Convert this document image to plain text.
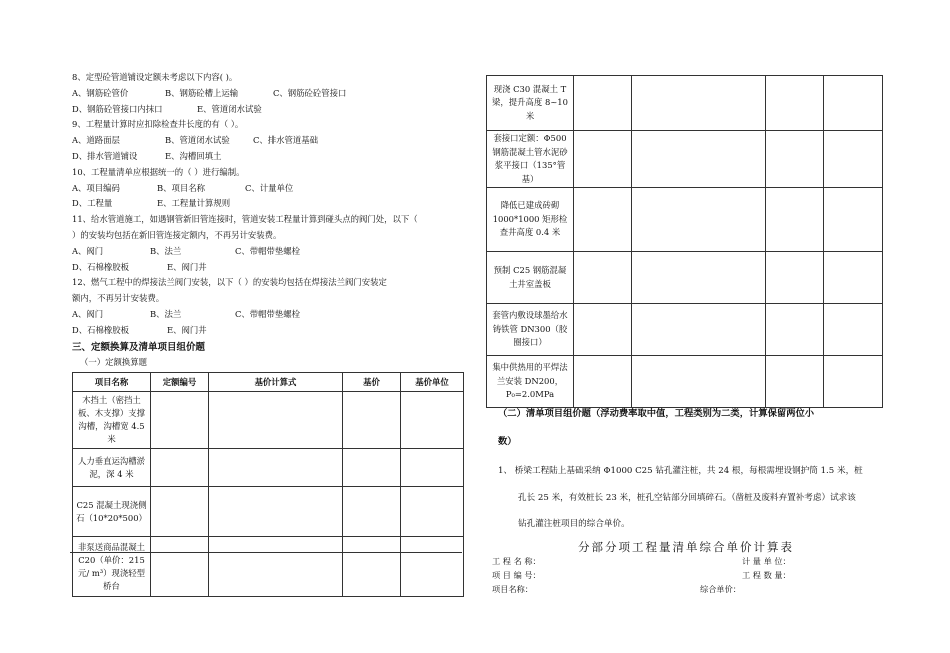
8、定型砼管道铺设定额未考虑以下内容( )。
A、钢筋砼管价	B、钢筋砼槽上运输	C、钢筋砼砼管接口
D、钢筋砼管接口内抹口	E、管道闭水试验
9、工程量计算时应扣除检查井长度的有（ ）。
A、道路面层	B、管道闭水试验	C、排水管道基础
D、排水管道铺设	E、沟槽回填土
10、工程量清单应根据统一的（ ）进行编制。
A、项目编码	B、项目名称	C、计量单位
D、工程量	E、工程量计算规则
11、给水管道施工，如遇钢管新旧管连接时，管道安装工程量计算到碰头点的阀门处，以下（
）的安装均包括在新旧管连接定额内，不再另计安装费。
A、阀门	B、法兰	C、带帽带垫螺栓
D、石棉橡胶板	E、阀门井
12、燃气工程中的焊接法兰阀门安装，以下（ ）的安装均包括在焊接法兰阀门安装定
额内，不再另计安装费。
A、阀门	B、法兰	C、带帽带垫螺栓
D、石棉橡胶板	E、阀门井
三、定额换算及清单项目组价题
（一）定额换算题
项目名称	定额编号	基价计算式	基价	基价单位
木挡土（密挡土板、木支撑）支撑沟槽，沟槽宽 4.5 米				
人力垂直运沟槽淤泥，深 4 米				
C25 混凝土现浇侧石（10*20*500）				
非泵送商品混凝土 C20（单价：215 元/ m³）现浇轻型桥台				
现浇 C30 混凝土 T 梁，提升高度 8~10 米				
套接口定额：Φ500 钢筋混凝土管水泥砂浆平接口（135°管基）				
降低已建成砖砌 1000*1000 矩形检查井高度 0.4 米				
预制 C25 钢筋混凝土井室盖板				
套管内敷设球墨给水铸铁管 DN300（胶圈接口）				
集中供热用的平焊法兰安装 DN200，P₀=2.0MPa				
（二）清单项目组价题（浮动费率取中值，工程类别为二类，计算保留两位小
数）
1、 桥梁工程陆上基础采纳 Φ1000 C25 钻孔灌注桩，共 24 根，每根需埋设钢护筒 1.5 米，桩
孔长 25 米，有效桩长 23 米，桩孔空钻部分回填碎石。（凿桩及废料弃置补考虑）试求该
钻孔灌注桩项目的综合单价。
分部分项工程量清单综合单价计算表
工 程 名 称：	计 量 单 位：
项 目 编 号：	工 程 数 量：
项目名称：	综合单价：
